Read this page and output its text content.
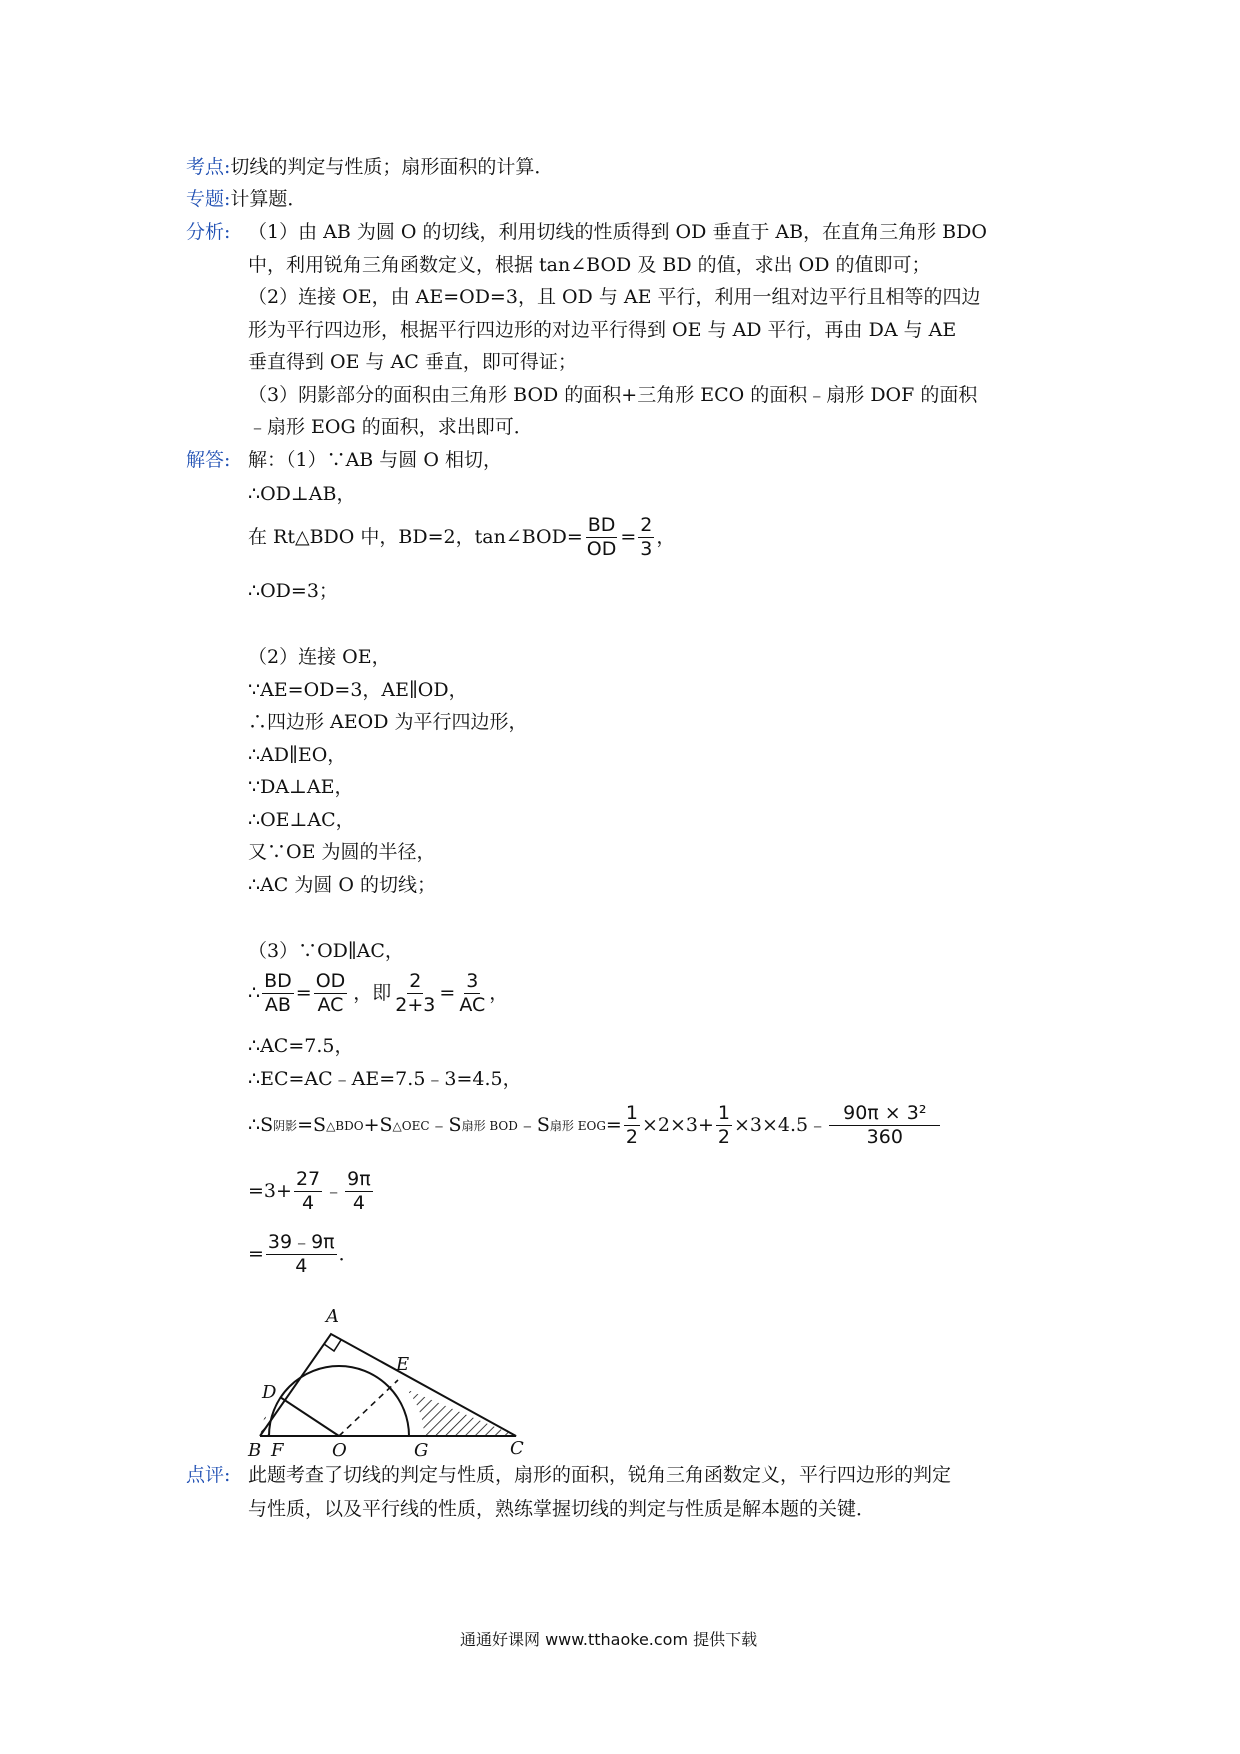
考点:切线的判定与性质；扇形面积的计算．
专题:计算题．
分析: （1）由 AB 为圆 O 的切线，利用切线的性质得到 OD 垂直于 AB，在直角三角形 BDO
中，利用锐角三角函数定义，根据 tan∠BOD 及 BD 的值，求出 OD 的值即可；
（2）连接 OE，由 AE=OD=3，且 OD 与 AE 平行，利用一组对边平行且相等的四边
形为平行四边形，根据平行四边形的对边平行得到 OE 与 AD 平行，再由 DA 与 AE
垂直得到 OE 与 AC 垂直，即可得证；
（3）阴影部分的面积由三角形 BOD 的面积+三角形 ECO 的面积﹣扇形 DOF 的面积
﹣扇形 EOG 的面积，求出即可．
解答: 解：（1）∵AB 与圆 O 相切，
∴OD⊥AB，
在 Rt△BDO 中，BD=2，tan∠BOD= $\frac{BD}{OD} = \frac{2}{3}$ ，
∴OD=3；
（2）连接 OE，
∵AE=OD=3，AE∥OD，
∴四边形 AEOD 为平行四边形，
∴AD∥EO，
∵DA⊥AE，
∴OE⊥AC，
又∵OE 为圆的半径，
∴AC 为圆 O 的切线；
（3）∵OD∥AC，
∴ $\frac{BD}{AB} = \frac{OD}{AC}$ ，即 $\frac{2}{2+3} = \frac{3}{AC}$ ，
∴AC=7.5，
∴EC=AC﹣AE=7.5﹣3=4.5，
∴S 阴影 =S △BDO +S △OEC ﹣S 扇形 BOD ﹣S 扇形 EOG = $\frac{1}{2} \times 2\times 3+ \frac{1}{2}$ ×3×4.5﹣
90π × 3²
360
$=3+ \frac{27}{4}$ ﹣
9π
4
= $\frac{39﹣9\pi}{4}$ ．
A
D
E
B F	O	G	C
点评: 此题考查了切线的判定与性质，扇形的面积，锐角三角函数定义，平行四边形的判定
与性质，以及平行线的性质，熟练掌握切线的判定与性质是解本题的关键．
通通好课网 www.tthaoke.com 提供下载
